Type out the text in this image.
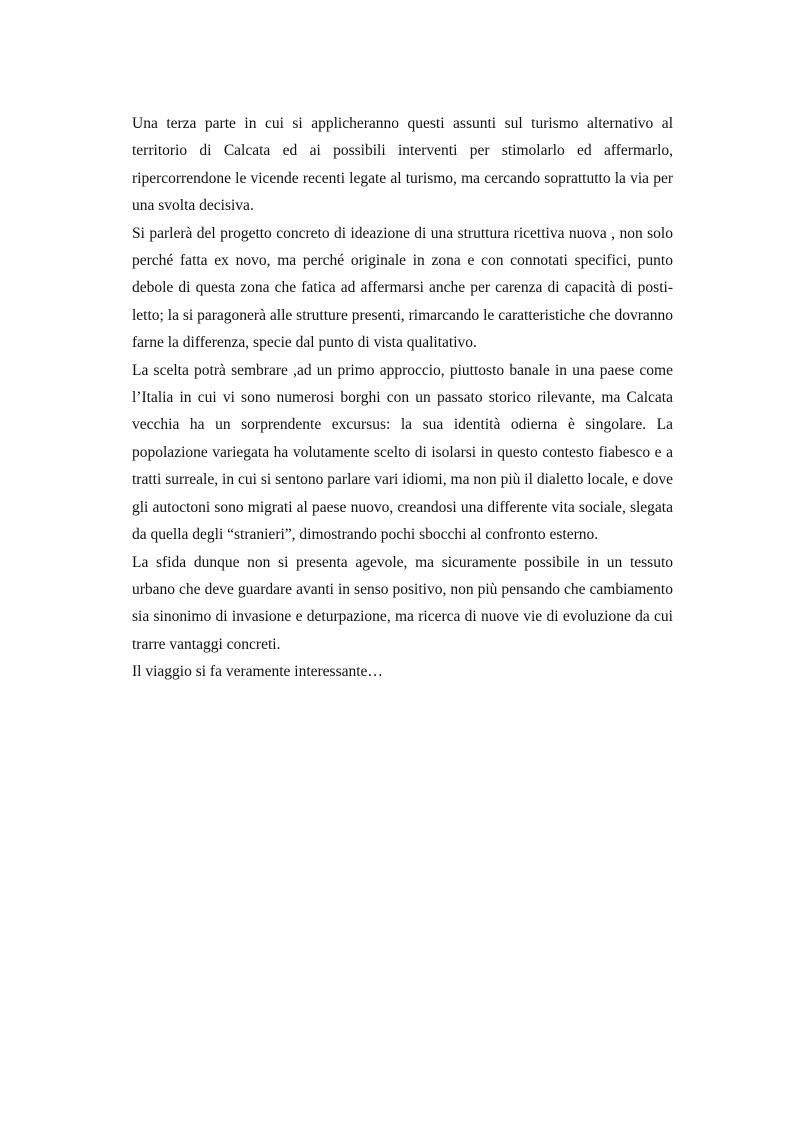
Una terza parte in cui si applicheranno questi assunti sul turismo alternativo al territorio di Calcata ed ai possibili interventi per stimolarlo ed affermarlo, ripercorrendone le vicende recenti legate al turismo, ma cercando soprattutto la via per una svolta decisiva.

Si parlerà del progetto concreto di ideazione di una struttura ricettiva nuova , non solo perché fatta ex novo, ma perché originale in zona e con connotati specifici, punto debole di questa zona che fatica ad affermarsi anche per carenza di capacità di posti-letto; la si paragonerà alle strutture presenti, rimarcando le caratteristiche che dovranno farne la differenza, specie dal punto di vista qualitativo.

La scelta potrà sembrare ,ad un primo approccio, piuttosto banale in una paese come l’Italia in cui vi sono numerosi borghi con un passato storico rilevante, ma Calcata vecchia ha un sorprendente excursus: la sua identità odierna è singolare. La popolazione variegata ha volutamente scelto di isolarsi in questo contesto fiabesco e a tratti surreale, in cui si sentono parlare vari idiomi, ma non più il dialetto locale, e dove gli autoctoni sono migrati al paese nuovo, creandosi una differente vita sociale, slegata da quella degli “stranieri”, dimostrando pochi sbocchi al confronto esterno.

La sfida dunque non si presenta agevole, ma sicuramente possibile in un tessuto urbano che deve guardare avanti in senso positivo, non più pensando che cambiamento sia sinonimo di invasione e deturpazione, ma ricerca di nuove vie di evoluzione da cui trarre vantaggi concreti.

Il viaggio si fa veramente interessante…
